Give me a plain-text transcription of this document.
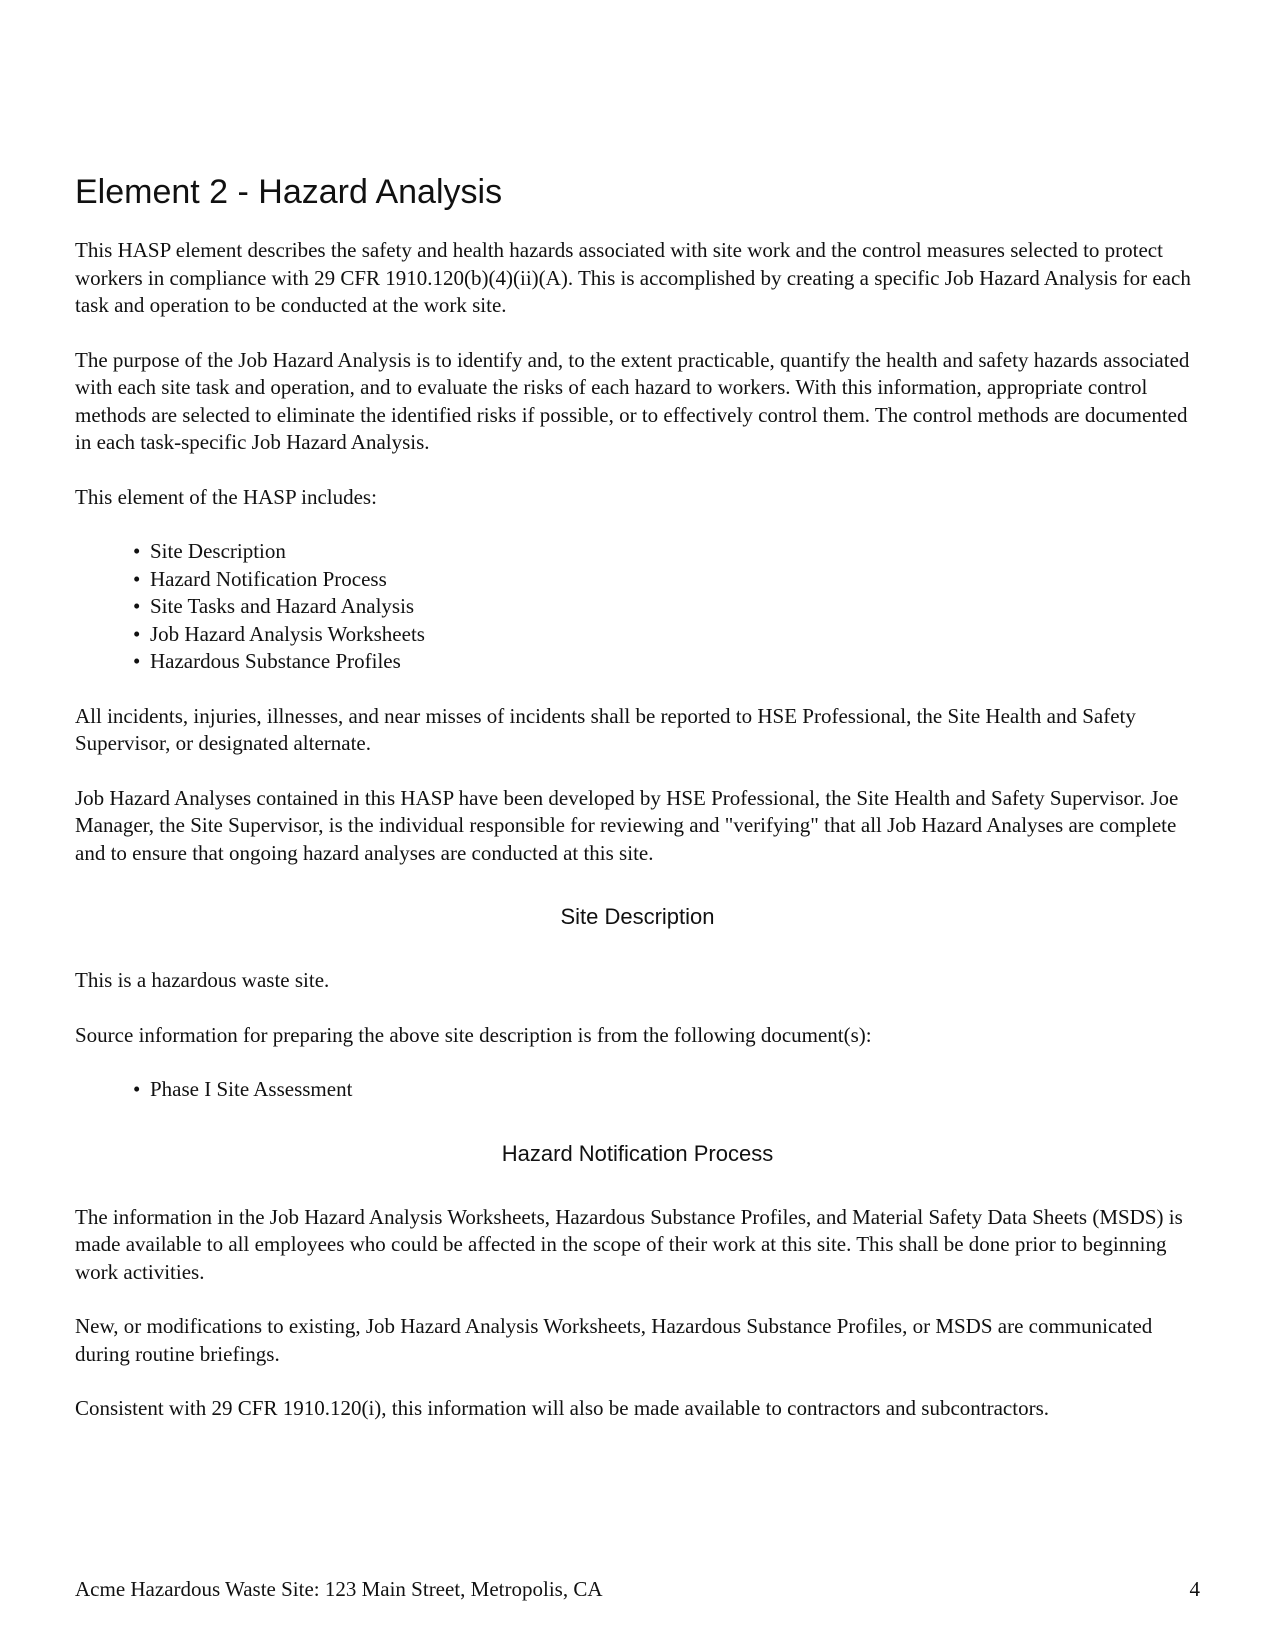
Element 2 - Hazard Analysis

This HASP element describes the safety and health hazards associated with site work and the control measures selected to protect workers in compliance with 29 CFR 1910.120(b)(4)(ii)(A). This is accomplished by creating a specific Job Hazard Analysis for each task and operation to be conducted at the work site.

The purpose of the Job Hazard Analysis is to identify and, to the extent practicable, quantify the health and safety hazards associated with each site task and operation, and to evaluate the risks of each hazard to workers. With this information, appropriate control methods are selected to eliminate the identified risks if possible, or to effectively control them. The control methods are documented in each task-specific Job Hazard Analysis.

This element of the HASP includes:

• Site Description
• Hazard Notification Process
• Site Tasks and Hazard Analysis
• Job Hazard Analysis Worksheets
• Hazardous Substance Profiles

All incidents, injuries, illnesses, and near misses of incidents shall be reported to HSE Professional, the Site Health and Safety Supervisor, or designated alternate.

Job Hazard Analyses contained in this HASP have been developed by HSE Professional, the Site Health and Safety Supervisor. Joe Manager, the Site Supervisor, is the individual responsible for reviewing and "verifying" that all Job Hazard Analyses are complete and to ensure that ongoing hazard analyses are conducted at this site.

Site Description

This is a hazardous waste site.

Source information for preparing the above site description is from the following document(s):

• Phase I Site Assessment
Hazard Notification Process

The information in the Job Hazard Analysis Worksheets, Hazardous Substance Profiles, and Material Safety Data Sheets (MSDS) is made available to all employees who could be affected in the scope of their work at this site. This shall be done prior to beginning work activities.

New, or modifications to existing, Job Hazard Analysis Worksheets, Hazardous Substance Profiles, or MSDS are communicated during routine briefings.

Consistent with 29 CFR 1910.120(i), this information will also be made available to contractors and subcontractors.

Acme Hazardous Waste Site: 123 Main Street, Metropolis, CA	4
